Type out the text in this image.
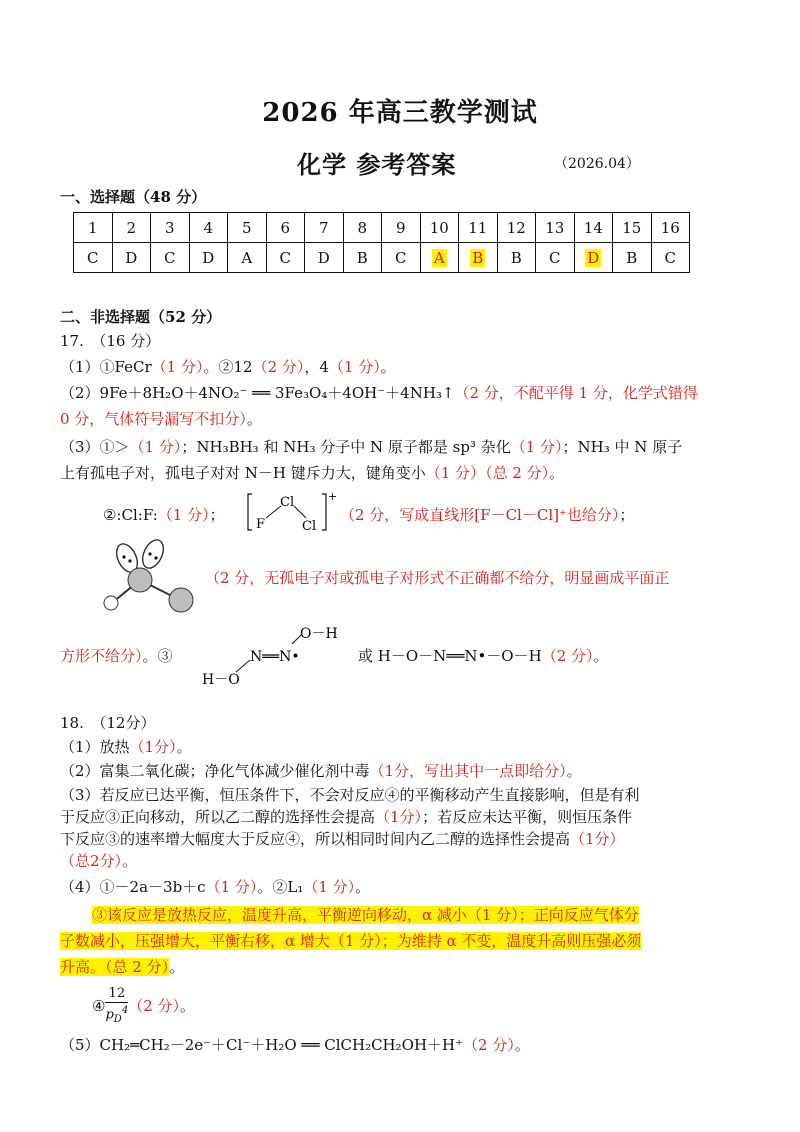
2026 年高三教学测试
化学 参考答案	（2026.04）
一、选择题（48 分）
1	2	3	4	5	6	7	8	9	10	11	12	13	14	15	16
C	D	C	D	A	C	D	B	C	A	B	B	C	D	B	C
二、非选择题（52 分）
17.　（16 分）
（1）①FeCr（1 分）。②12（2 分），4（1 分）。
（2）9Fe＋8H₂O＋4NO₂⁻ ══ 3Fe₃O₄＋4OH⁻＋4NH₃↑（2 分，不配平得 1 分，化学式错得
0 分，气体符号漏写不扣分）。
（3）①＞（1 分）；NH₃BH₃ 和 NH₃ 分子中 N 原子都是 sp³ 杂化（1 分）；NH₃ 中 N 原子
上有孤电子对，孤电子对对 N－H 键斥力大，键角变小（1 分）（总 2 分）。
②:Cl:F:（1 分）；
Cl
F	Cl
+
（2 分，写成直线形[F－Cl－Cl]⁺也给分）；
（2 分，无孤电子对或孤电子对形式不正确都不给分，明显画成平面正
方形不给分）。③
O－H
N══N•
H－O
或 H－O－N══N•－O－H（2 分）。
18.　（12分）
（1）放热（1分）。
（2）富集二氧化碳；净化气体减少催化剂中毒（1分，写出其中一点即给分）。
（3）若反应已达平衡，恒压条件下，不会对反应④的平衡移动产生直接影响，但是有利
于反应③正向移动，所以乙二醇的选择性会提高（1分）；若反应未达平衡，则恒压条件
下反应③的速率增大幅度大于反应④，所以相同时间内乙二醇的选择性会提高（1分）
（总2分）。
（4）①－2a－3b＋c（1 分）。②L₁（1 分）。
③该反应是放热反应，温度升高，平衡逆向移动，α 减小（1 分）；正向反应气体分
子数减小，压强增大，平衡右移，α 增大（1 分）；为维持 α 不变，温度升高则压强必须
升高。（总 2 分）。
④ $\frac{12}{p_D^4} (2$ 分）。
（5）CH₂═CH₂－2e⁻＋Cl⁻＋H₂O ══ ClCH₂CH₂OH＋H⁺（2 分）。
